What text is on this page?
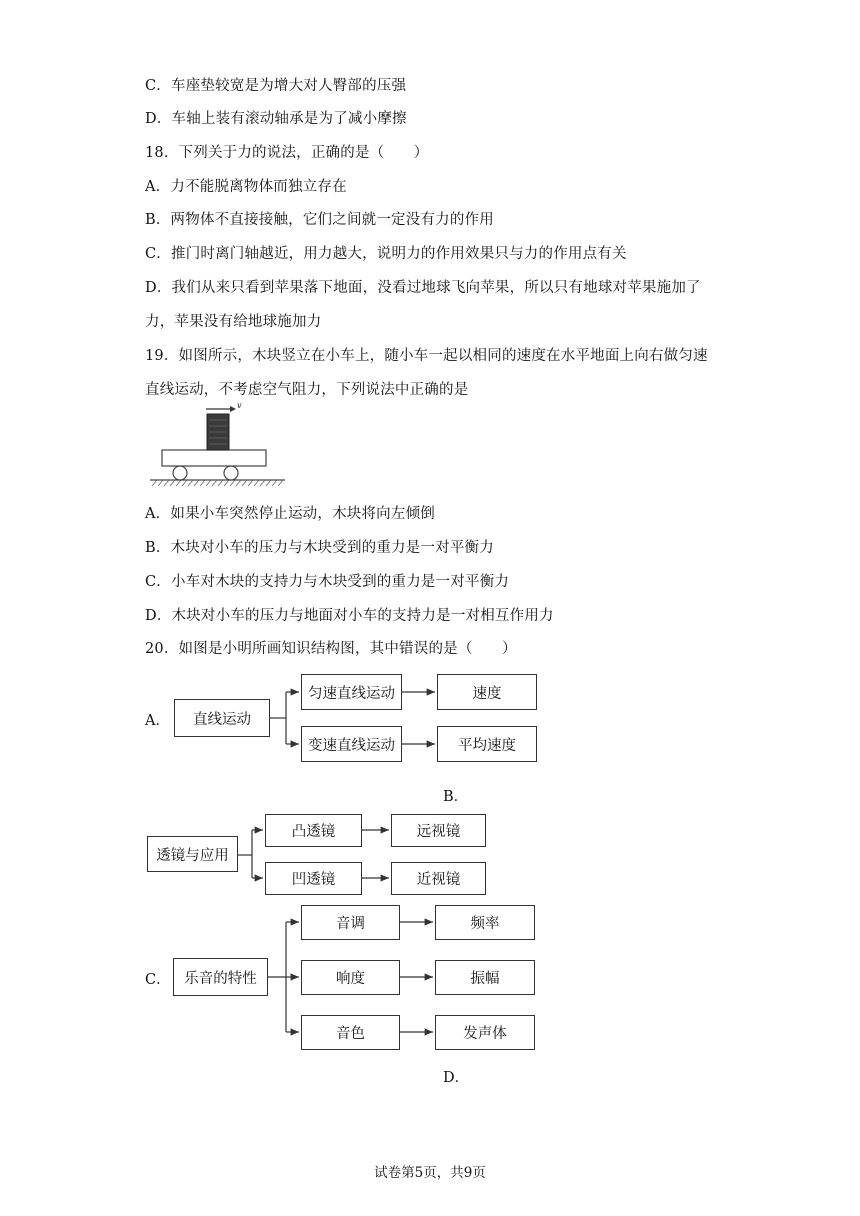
C．车座垫较宽是为增大对人臀部的压强
D．车轴上装有滚动轴承是为了减小摩擦
18．下列关于力的说法，正确的是（　　）
A．力不能脱离物体而独立存在
B．两物体不直接接触，它们之间就一定没有力的作用
C．推门时离门轴越近，用力越大，说明力的作用效果只与力的作用点有关
D．我们从来只看到苹果落下地面，没看过地球飞向苹果，所以只有地球对苹果施加了
力，苹果没有给地球施加力
19．如图所示，木块竖立在小车上，随小车一起以相同的速度在水平地面上向右做匀速
直线运动，不考虑空气阻力，下列说法中正确的是
v
A．如果小车突然停止运动，木块将向左倾倒
B．木块对小车的压力与木块受到的重力是一对平衡力
C．小车对木块的支持力与木块受到的重力是一对平衡力
D．木块对小车的压力与地面对小车的支持力是一对相互作用力
20．如图是小明所画知识结构图，其中错误的是（　　）
A．	直线运动
匀速直线运动	速度
变速直线运动	平均速度
B．
透镜与应用
凸透镜	远视镜
凹透镜	近视镜
C． 乐音的特性
音调	频率
响度	振幅
音色	发声体
D．
试卷第5页，共9页
